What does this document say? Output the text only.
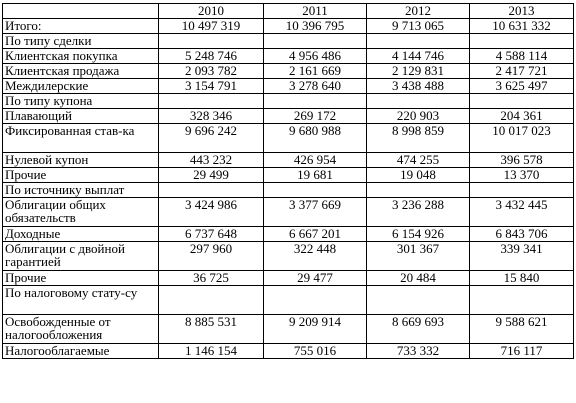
	2010	2011	2012	2013
Итого:	10 497 319	10 396 795	9 713 065	10 631 332
По типу сделки				
Клиентская покупка	5 248 746	4 956 486	4 144 746	4 588 114
Клиентская продажа	2 093 782	2 161 669	2 129 831	2 417 721
Междилерские	3 154 791	3 278 640	3 438 488	3 625 497
По типу купона				
Плавающий	328 346	269 172	220 903	204 361
Фиксированная став-ка	9 696 242	9 680 988	8 998 859	10 017 023
Нулевой купон	443 232	426 954	474 255	396 578
Прочие	29 499	19 681	19 048	13 370
По источнику выплат				
Облигации общих обязательств	3 424 986	3 377 669	3 236 288	3 432 445
Доходные	6 737 648	6 667 201	6 154 926	6 843 706
Облигации с двойной гарантией	297 960	322 448	301 367	339 341
Прочие	36 725	29 477	20 484	15 840
По налоговому стату-су				
Освобожденные от налогообложения	8 885 531	9 209 914	8 669 693	9 588 621
Налогооблагаемые	1 146 154	755 016	733 332	716 117
